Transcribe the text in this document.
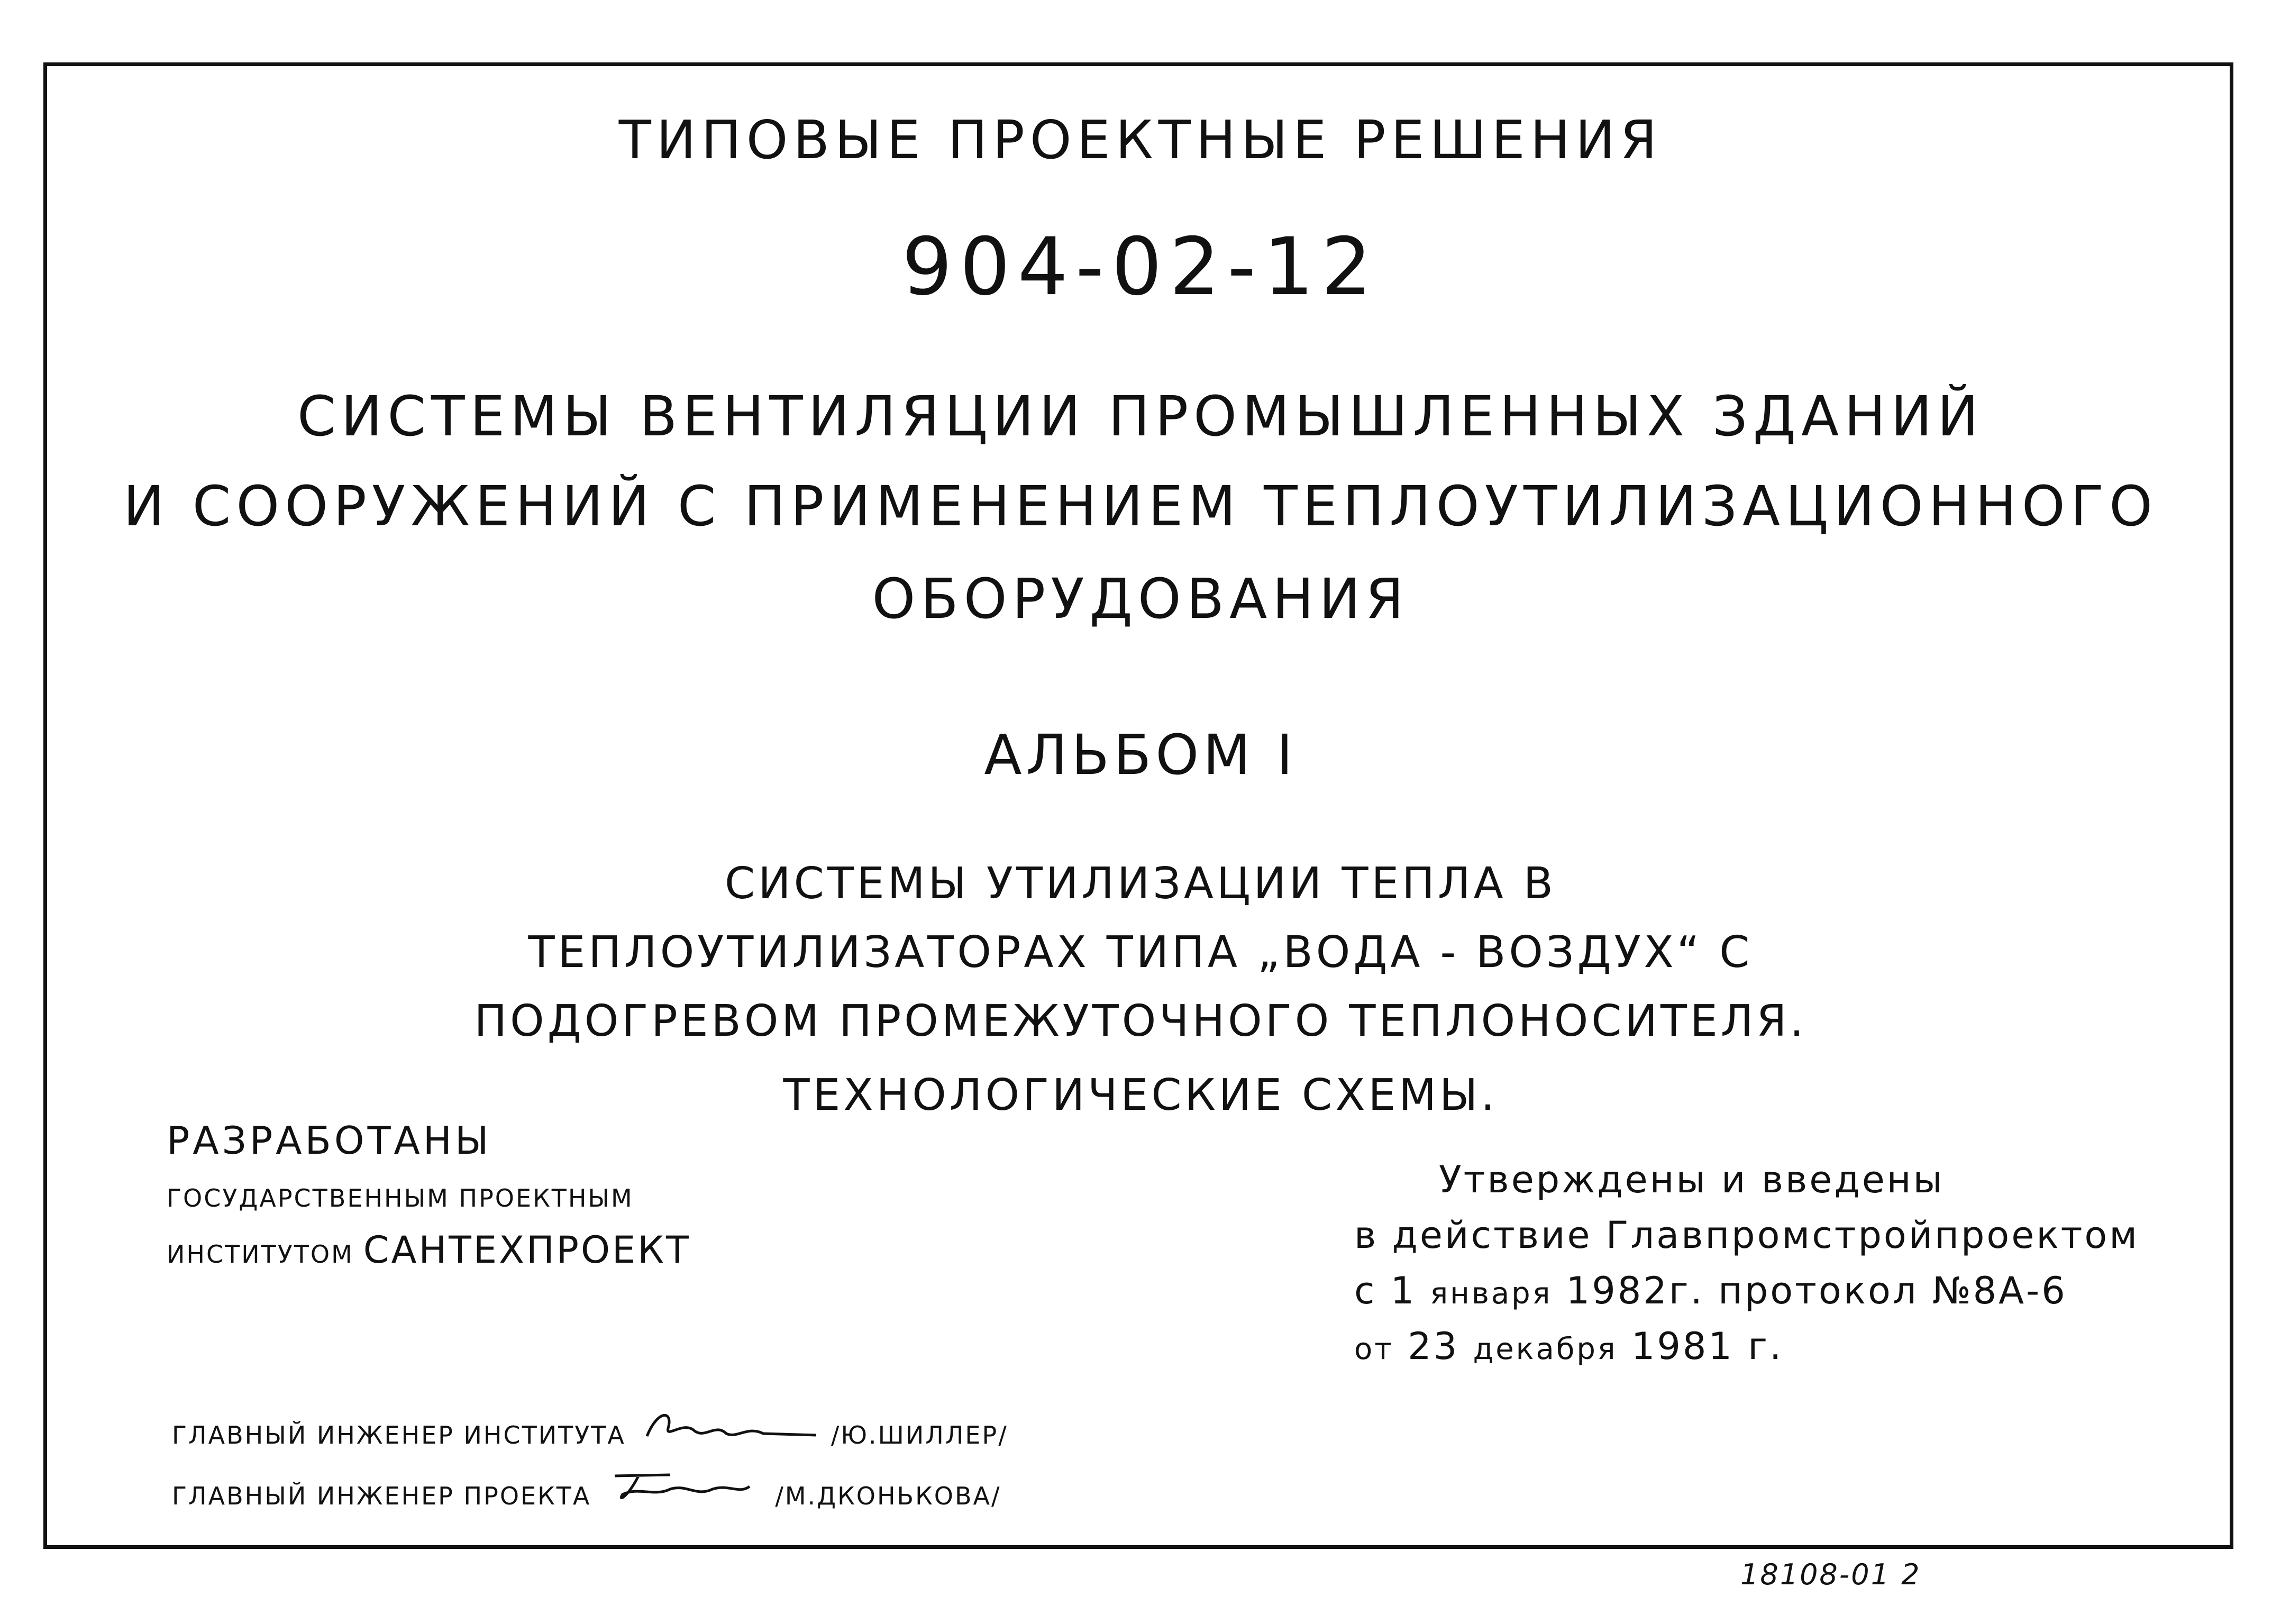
ТИПОВЫЕ ПРОЕКТНЫЕ РЕШЕНИЯ
904-02-12
СИСТЕМЫ ВЕНТИЛЯЦИИ ПРОМЫШЛЕННЫХ ЗДАНИЙ
И СООРУЖЕНИЙ С ПРИМЕНЕНИЕМ ТЕПЛОУТИЛИЗАЦИОННОГО
ОБОРУДОВАНИЯ
АЛЬБОМ I
СИСТЕМЫ УТИЛИЗАЦИИ ТЕПЛА В
ТЕПЛОУТИЛИЗАТОРАХ ТИПА „ВОДА - ВОЗДУХ“ С
ПОДОГРЕВОМ ПРОМЕЖУТОЧНОГО ТЕПЛОНОСИТЕЛЯ.
ТЕХНОЛОГИЧЕСКИЕ СХЕМЫ.
РАЗРАБОТАНЫ
ГОСУДАРСТВЕННЫМ ПРОЕКТНЫМ
ИНСТИТУТОМ САНТЕХПРОЕКТ
Утверждены и введены
в действие Главпромстройпроектом
с 1 января 1982г. протокол №8А-6
от 23 декабря 1981 г.
ГЛАВНЫЙ ИНЖЕНЕР ИНСТИТУТА	/Ю.ШИЛЛЕР/
ГЛАВНЫЙ ИНЖЕНЕР ПРОЕКТА	/М.ДКОНЬКОВА/
18108-01 2
